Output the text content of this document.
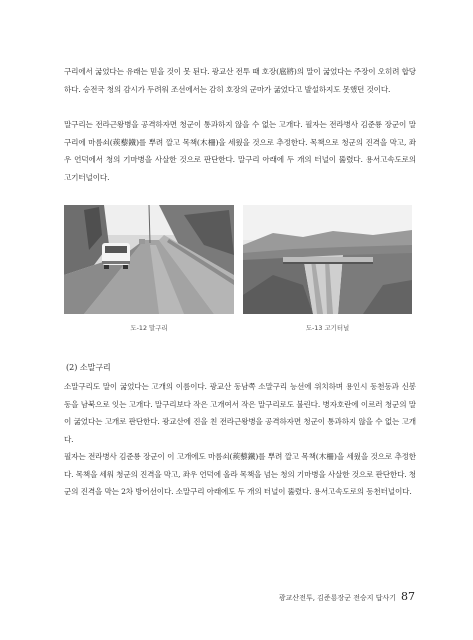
구리에서 굶었다는 유래는 믿을 것이 못 된다. 광교산 전투 때 호장(扈將)의 말이 굶었다는 주장이 오히려 합당하다. 승전국 청의 감시가 두려워 조선에서는 감히 호장의 군마가 굶었다고 발설하지도 못했던 것이다.

말구리는 전라근왕병을 공격하자면 청군이 통과하지 않을 수 없는 고개다. 필자는 전라병사 김준룡 장군이 말구리에 마름쇠(蒺藜鐵)를 뿌려 깔고 목책(木柵)을 세웠을 것으로 추정한다. 목책으로 청군의 진격을 막고, 좌우 언덕에서 청의 기마병을 사살한 것으로 판단한다. 말구리 아래에 두 개의 터널이 뚫렸다. 용서고속도로의 고기터널이다.

도-12 말구리	도-13 고기터널

(2) 소말구리

소말구리도 말이 굶었다는 고개의 이름이다. 광교산 동남쪽 소말구리 능선에 위치하며 용인시 동천동과 신봉동을 남북으로 잇는 고개다. 말구리보다 작은 고개여서 작은 말구리로도 불린다. 병자호란에 이르러 청군의 말이 굶었다는 고개로 판단한다. 광교산에 진을 친 전라근왕병을 공격하자면 청군이 통과하지 않을 수 없는 고개다.

필자는 전라병사 김준룡 장군이 이 고개에도 마름쇠(蒺藜鐵)를 뿌려 깔고 목책(木柵)을 세웠을 것으로 추정한다. 목책을 세워 청군의 진격을 막고, 좌우 언덕에 올라 목책을 넘는 청의 기마병을 사살한 것으로 판단한다. 청군의 진격을 막는 2차 방어선이다. 소말구리 아래에도 두 개의 터널이 뚫렸다. 용서고속도로의 동천터널이다.

광교산전투, 김준룡장군 전승지 답사기 87
